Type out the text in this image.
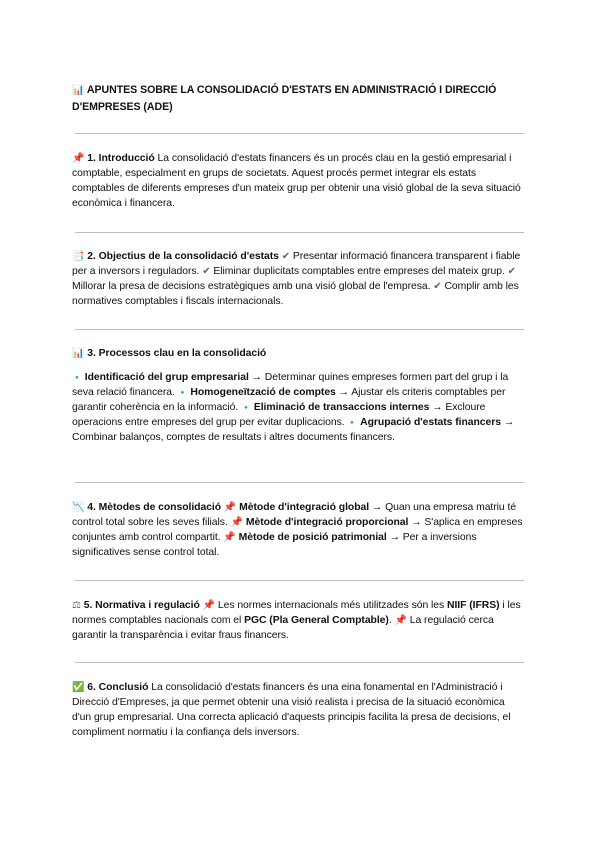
📊 APUNTES SOBRE LA CONSOLIDACIÓ D'ESTATS EN ADMINISTRACIÓ I DIRECCIÓ D'EMPRESES (ADE)
📌 1. Introducció La consolidació d'estats financers és un procés clau en la gestió empresarial i comptable, especialment en grups de societats. Aquest procés permet integrar els estats comptables de diferents empreses d'un mateix grup per obtenir una visió global de la seva situació econòmica i financera.
📑 2. Objectius de la consolidació d'estats ✔ Presentar informació financera transparent i fiable per a inversors i reguladors. ✔ Eliminar duplicitats comptables entre empreses del mateix grup. ✔ Millorar la presa de decisions estratègiques amb una visió global de l'empresa. ✔ Complir amb les normatives comptables i fiscals internacionals.
📊 3. Processos clau en la consolidació
🔹 Identificació del grup empresarial → Determinar quines empreses formen part del grup i la seva relació financera. 🔹 Homogeneïtzació de comptes → Ajustar els criteris comptables per garantir coherència en la informació. 🔹 Eliminació de transaccions internes → Excloure operacions entre empreses del grup per evitar duplicacions. 🔹 Agrupació d'estats financers → Combinar balanços, comptes de resultats i altres documents financers.
📉 4. Mètodes de consolidació 📌 Mètode d'integració global → Quan una empresa matriu té control total sobre les seves filials. 📌 Mètode d'integració proporcional → S'aplica en empreses conjuntes amb control compartit. 📌 Mètode de posició patrimonial → Per a inversions significatives sense control total.
⚖ 5. Normativa i regulació 📌 Les normes internacionals més utilitzades són les NIIF (IFRS) i les normes comptables nacionals com el PGC (Pla General Comptable). 📌 La regulació cerca garantir la transparència i evitar fraus financers.
✅ 6. Conclusió La consolidació d'estats financers és una eina fonamental en l'Administració i Direcció d'Empreses, ja que permet obtenir una visió realista i precisa de la situació econòmica d'un grup empresarial. Una correcta aplicació d'aquests principis facilita la presa de decisions, el compliment normatiu i la confiança dels inversors.
